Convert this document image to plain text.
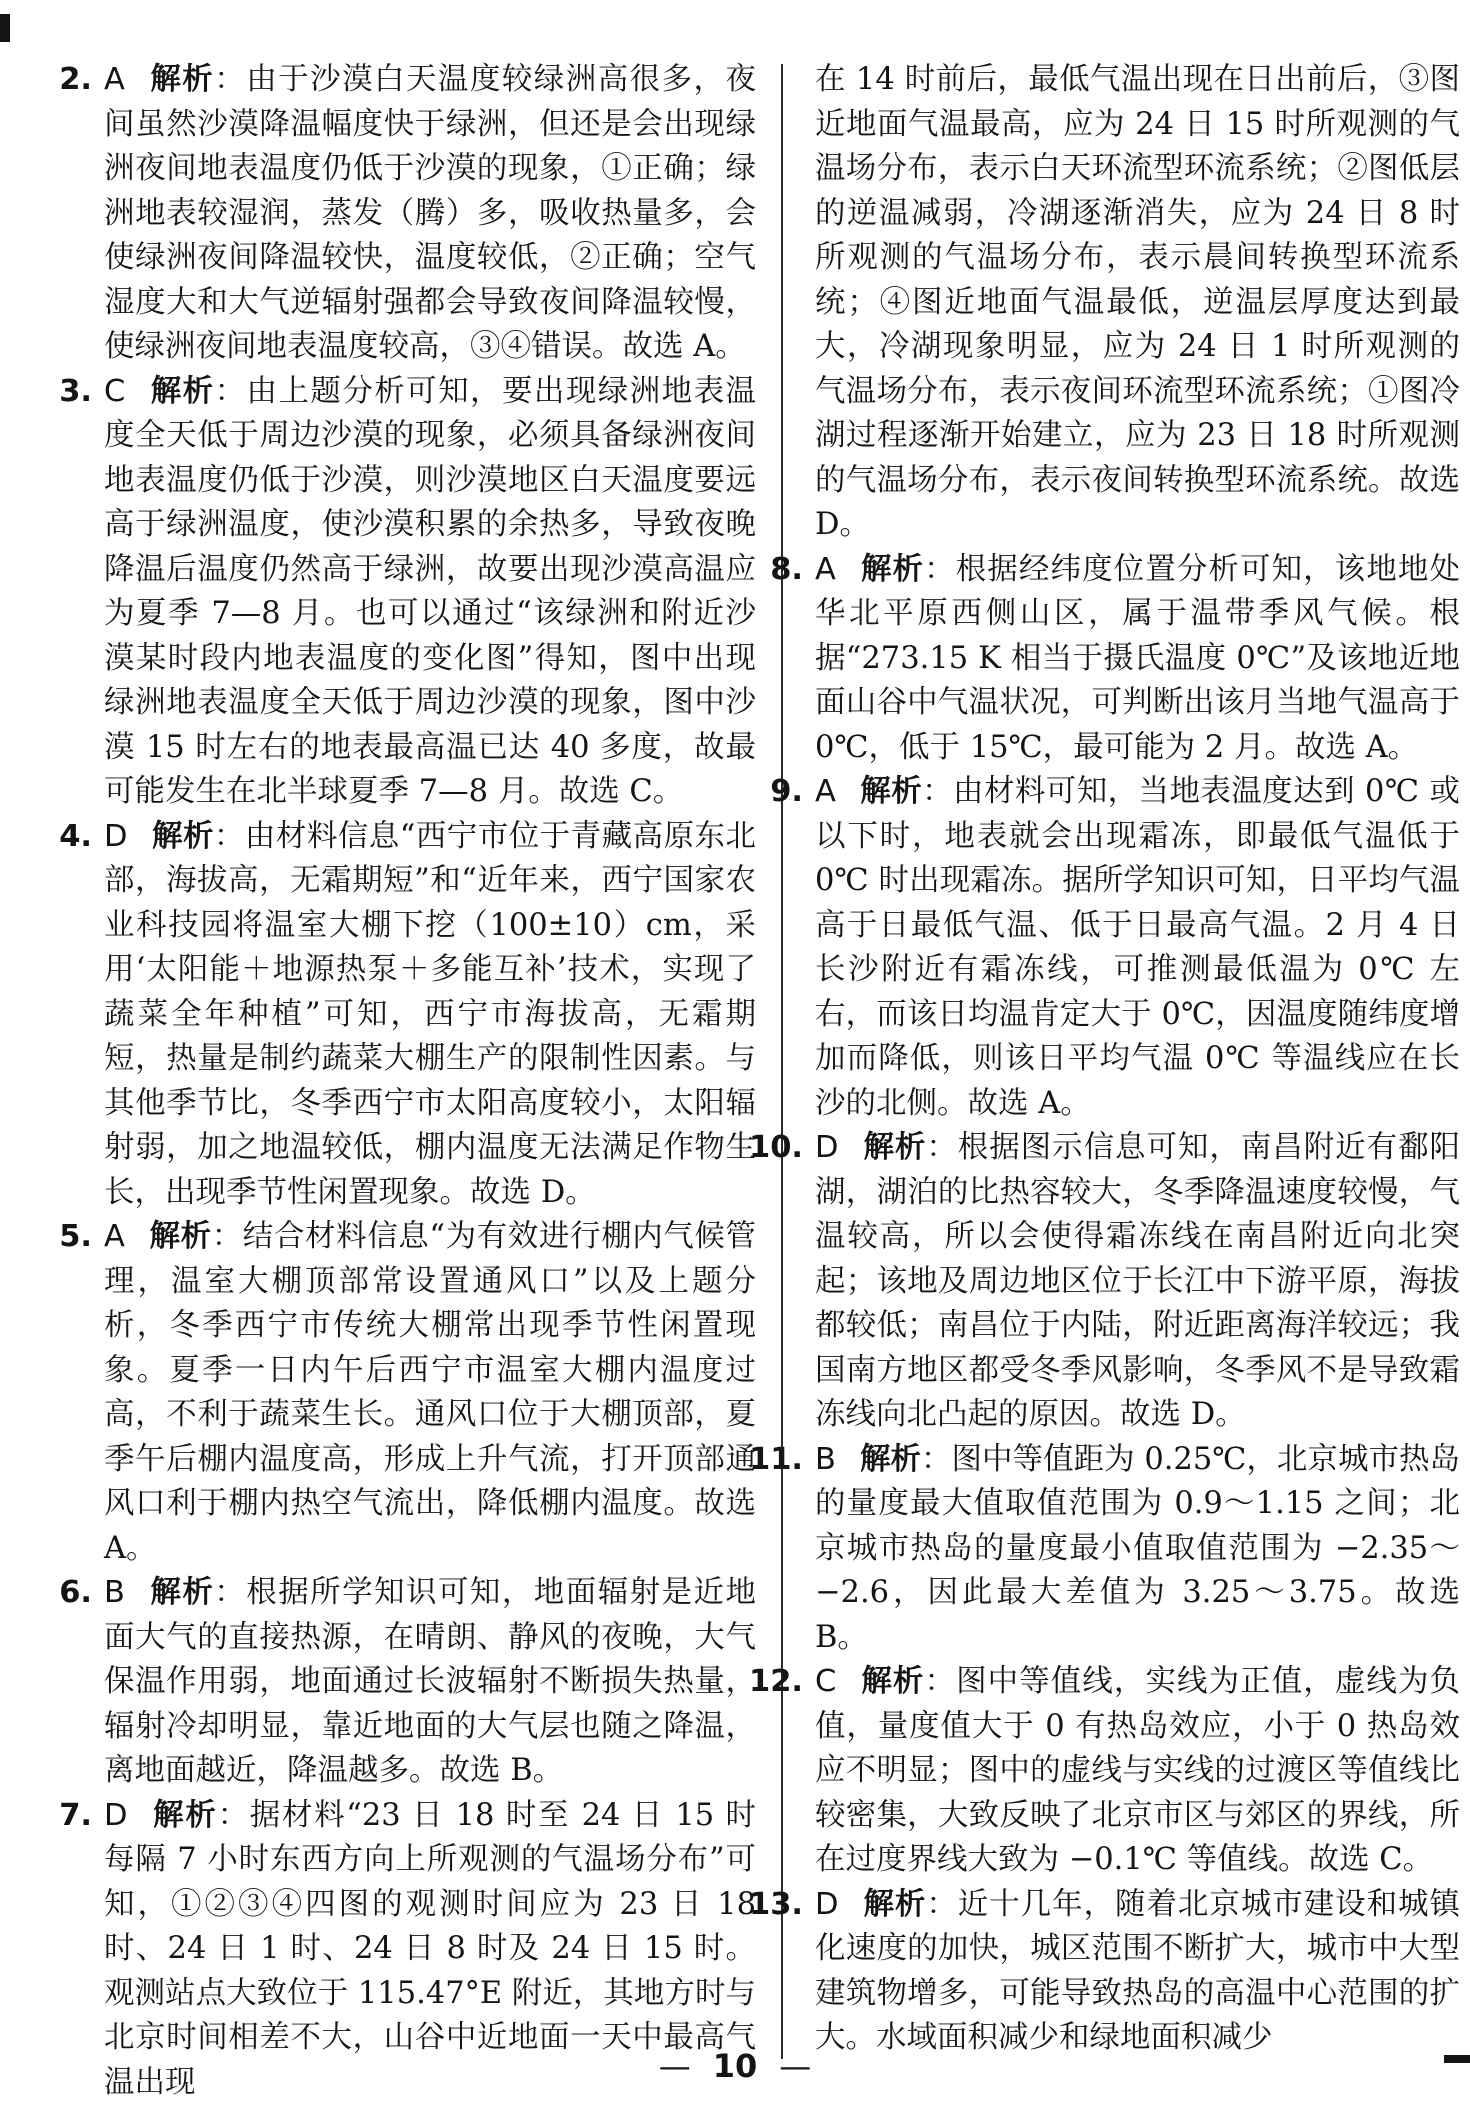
2. A 解析：由于沙漠白天温度较绿洲高很多，夜间虽然沙漠降温幅度快于绿洲，但还是会出现绿洲夜间地表温度仍低于沙漠的现象，①正确；绿洲地表较湿润，蒸发（腾）多，吸收热量多，会使绿洲夜间降温较快，温度较低，②正确；空气湿度大和大气逆辐射强都会导致夜间降温较慢，使绿洲夜间地表温度较高，③④错误。故选 A。

3. C 解析：由上题分析可知，要出现绿洲地表温度全天低于周边沙漠的现象，必须具备绿洲夜间地表温度仍低于沙漠，则沙漠地区白天温度要远高于绿洲温度，使沙漠积累的余热多，导致夜晚降温后温度仍然高于绿洲，故要出现沙漠高温应为夏季 7—8 月。也可以通过“该绿洲和附近沙漠某时段内地表温度的变化图”得知，图中出现绿洲地表温度全天低于周边沙漠的现象，图中沙漠 15 时左右的地表最高温已达 40 多度，故最可能发生在北半球夏季 7—8 月。故选 C。

4. D 解析：由材料信息“西宁市位于青藏高原东北部，海拔高，无霜期短”和“近年来，西宁国家农业科技园将温室大棚下挖（100±10）cm，采用‘太阳能＋地源热泵＋多能互补’技术，实现了蔬菜全年种植”可知，西宁市海拔高，无霜期短，热量是制约蔬菜大棚生产的限制性因素。与其他季节比，冬季西宁市太阳高度较小，太阳辐射弱，加之地温较低，棚内温度无法满足作物生长，出现季节性闲置现象。故选 D。

5. A 解析：结合材料信息“为有效进行棚内气候管理，温室大棚顶部常设置通风口”以及上题分析，冬季西宁市传统大棚常出现季节性闲置现象。夏季一日内午后西宁市温室大棚内温度过高，不利于蔬菜生长。通风口位于大棚顶部，夏季午后棚内温度高，形成上升气流，打开顶部通风口利于棚内热空气流出，降低棚内温度。故选 A。

6. B 解析：根据所学知识可知，地面辐射是近地面大气的直接热源，在晴朗、静风的夜晚，大气保温作用弱，地面通过长波辐射不断损失热量，辐射冷却明显，靠近地面的大气层也随之降温，离地面越近，降温越多。故选 B。

7. D 解析：据材料“23 日 18 时至 24 日 15 时每隔 7 小时东西方向上所观测的气温场分布”可知，①②③④四图的观测时间应为 23 日 18 时、24 日 1 时、24 日 8 时及 24 日 15 时。观测站点大致位于 115.47°E 附近，其地方时与北京时间相差不大，山谷中近地面一天中最高气温出现

在 14 时前后，最低气温出现在日出前后，③图近地面气温最高，应为 24 日 15 时所观测的气温场分布，表示白天环流型环流系统；②图低层的逆温减弱，冷湖逐渐消失，应为 24 日 8 时所观测的气温场分布，表示晨间转换型环流系统；④图近地面气温最低，逆温层厚度达到最大，冷湖现象明显，应为 24 日 1 时所观测的气温场分布，表示夜间环流型环流系统；①图冷湖过程逐渐开始建立，应为 23 日 18 时所观测的气温场分布，表示夜间转换型环流系统。故选 D。

8. A 解析：根据经纬度位置分析可知，该地地处华北平原西侧山区，属于温带季风气候。根据“273.15 K 相当于摄氏温度 0℃”及该地近地面山谷中气温状况，可判断出该月当地气温高于 0℃，低于 15℃，最可能为 2 月。故选 A。

9. A 解析：由材料可知，当地表温度达到 0℃ 或以下时，地表就会出现霜冻，即最低气温低于 0℃ 时出现霜冻。据所学知识可知，日平均气温高于日最低气温、低于日最高气温。2 月 4 日长沙附近有霜冻线，可推测最低温为 0℃ 左右，而该日均温肯定大于 0℃，因温度随纬度增加而降低，则该日平均气温 0℃ 等温线应在长沙的北侧。故选 A。

10. D 解析：根据图示信息可知，南昌附近有鄱阳湖，湖泊的比热容较大，冬季降温速度较慢，气温较高，所以会使得霜冻线在南昌附近向北突起；该地及周边地区位于长江中下游平原，海拔都较低；南昌位于内陆，附近距离海洋较远；我国南方地区都受冬季风影响，冬季风不是导致霜冻线向北凸起的原因。故选 D。

11. B 解析：图中等值距为 0.25℃，北京城市热岛的量度最大值取值范围为 0.9～1.15 之间；北京城市热岛的量度最小值取值范围为 −2.35～−2.6，因此最大差值为 3.25～3.75。故选 B。

12. C 解析：图中等值线，实线为正值，虚线为负值，量度值大于 0 有热岛效应，小于 0 热岛效应不明显；图中的虚线与实线的过渡区等值线比较密集，大致反映了北京市区与郊区的界线，所在过度界线大致为 −0.1℃ 等值线。故选 C。

13. D 解析：近十几年，随着北京城市建设和城镇化速度的加快，城区范围不断扩大，城市中大型建筑物增多，可能导致热岛的高温中心范围的扩大。水域面积减少和绿地面积减少

— 10 —
